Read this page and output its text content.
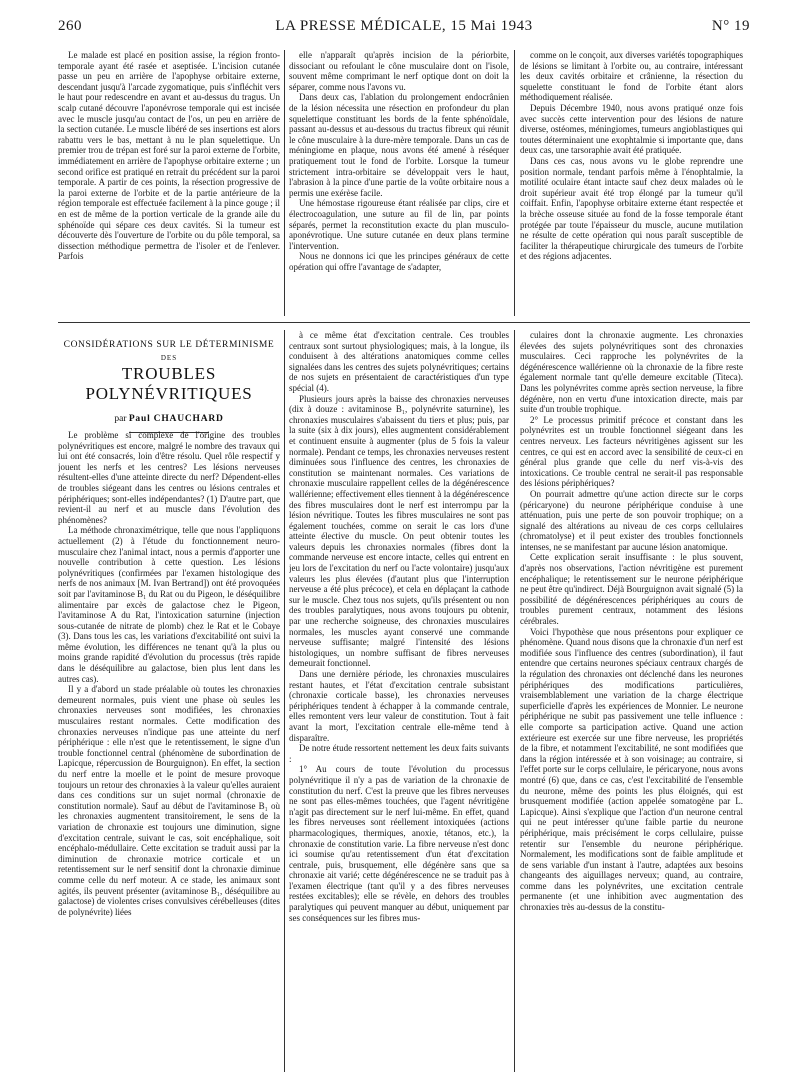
260	LA PRESSE MÉDICALE, 15 Mai 1943	N° 19

Le malade est placé en position assise, la région fronto-temporale ayant été rasée et aseptisée. L'incision cutanée passe un peu en arrière de l'apophyse orbitaire externe, descendant jusqu'à l'arcade zygomatique, puis s'infléchit vers le haut pour redescendre en avant et au-dessus du tragus. Un scalp cutané découvre l'aponévrose temporale qui est incisée avec le muscle jusqu'au contact de l'os, un peu en arrière de la section cutanée. Le muscle libéré de ses insertions est alors rabattu vers le bas, mettant à nu le plan squelettique. Un premier trou de trépan est foré sur la paroi externe de l'orbite, immédiatement en arrière de l'apophyse orbitaire externe ; un second orifice est pratiqué en retrait du précédent sur la paroi temporale. A partir de ces points, la résection progressive de la paroi externe de l'orbite et de la partie antérieure de la région temporale est effectuée facilement à la pince gouge ; il en est de même de la portion verticale de la grande aile du sphénoïde qui sépare ces deux cavités. Si la tumeur est découverte dès l'ouverture de l'orbite ou du pôle temporal, sa dissection méthodique permettra de l'isoler et de l'enlever. Parfois

elle n'apparaît qu'après incision de la périorbite, dissociant ou refoulant le cône musculaire dont on l'isole, souvent même comprimant le nerf optique dont on doit la séparer, comme nous l'avons vu.

Dans deux cas, l'ablation du prolongement endocrânien de la lésion nécessita une résection en profondeur du plan squelettique constituant les bords de la fente sphénoïdale, passant au-dessus et au-dessous du tractus fibreux qui réunit le cône musculaire à la dure-mère temporale. Dans un cas de méningiome en plaque, nous avons été amené à réséquer pratiquement tout le fond de l'orbite. Lorsque la tumeur strictement intra-orbitaire se développait vers le haut, l'abrasion à la pince d'une partie de la voûte orbitaire nous a permis une exérèse facile.

Une hémostase rigoureuse étant réalisée par clips, cire et électrocoagulation, une suture au fil de lin, par points séparés, permet la reconstitution exacte du plan musculo-aponévrotique. Une suture cutanée en deux plans termine l'intervention.

Nous ne donnons ici que les principes généraux de cette opération qui offre l'avantage de s'adapter,

comme on le conçoit, aux diverses variétés topographiques de lésions se limitant à l'orbite ou, au contraire, intéressant les deux cavités orbitaire et crânienne, la résection du squelette constituant le fond de l'orbite étant alors méthodiquement réalisée.

Depuis Décembre 1940, nous avons pratiqué onze fois avec succès cette intervention pour des lésions de nature diverse, ostéomes, méningiomes, tumeurs angioblastiques qui toutes déterminaient une exophtalmie si importante que, dans deux cas, une tarsoraphie avait été pratiquée.

Dans ces cas, nous avons vu le globe reprendre une position normale, tendant parfois même à l'énophtalmie, la motilité oculaire étant intacte sauf chez deux malades où le droit supérieur avait été trop élongé par la tumeur qu'il coiffait. Enfin, l'apophyse orbitaire externe étant respectée et la brèche osseuse située au fond de la fosse temporale étant protégée par toute l'épaisseur du muscle, aucune mutilation ne résulte de cette opération qui nous paraît susceptible de faciliter la thérapeutique chirurgicale des tumeurs de l'orbite et des régions adjacentes.

CONSIDÉRATIONS SUR LE DÉTERMINISME

DES

TROUBLES POLYNÉVRITIQUES

par Paul CHAUCHARD

Le problème si complexe de l'origine des troubles polynévritiques est encore, malgré le nombre des travaux qui lui ont été consacrés, loin d'être résolu. Quel rôle respectif y jouent les nerfs et les centres? Les lésions nerveuses résultent-elles d'une atteinte directe du nerf? Dépendent-elles de troubles siégeant dans les centres ou lésions centrales et périphériques; sont-elles indépendantes? (1) D'autre part, que revient-il au nerf et au muscle dans l'évolution des phénomènes?

La méthode chronaximétrique, telle que nous l'appliquons actuellement (2) à l'étude du fonctionnement neuro-musculaire chez l'animal intact, nous a permis d'apporter une nouvelle contribution à cette question. Les lésions polynévritiques (confirmées par l'examen histologique des nerfs de nos animaux [M. Ivan Bertrand]) ont été provoquées soit par l'avitaminose B₁ du Rat ou du Pigeon, le déséquilibre alimentaire par excès de galactose chez le Pigeon, l'avitaminose A du Rat, l'intoxication saturnine (injection sous-cutanée de nitrate de plomb) chez le Rat et le Cobaye (3). Dans tous les cas, les variations d'excitabilité ont suivi la même évolution, les différences ne tenant qu'à la plus ou moins grande rapidité d'évolution du processus (très rapide dans le déséquilibre au galactose, bien plus lent dans les autres cas).

Il y a d'abord un stade préalable où toutes les chronaxies demeurent normales, puis vient une phase où seules les chronaxies nerveuses sont modifiées, les chronaxies musculaires restant normales. Cette modification des chronaxies nerveuses n'indique pas une atteinte du nerf périphérique : elle n'est que le retentissement, le signe d'un trouble fonctionnel central (phénomène de subordination de Lapicque, répercussion de Bourguignon). En effet, la section du nerf entre la moelle et le point de mesure provoque toujours un retour des chronaxies à la valeur qu'elles auraient dans ces conditions sur un sujet normal (chronaxie de constitution normale). Sauf au début de l'avitaminose B₁ où les chronaxies augmentent transitoirement, le sens de la variation de chronaxie est toujours une diminution, signe d'excitation centrale, suivant le cas, soit encéphalique, soit encéphalo-médullaire. Cette excitation se traduit aussi par la diminution de chronaxie motrice corticale et un retentissement sur le nerf sensitif dont la chronaxie diminue comme celle du nerf moteur. A ce stade, les animaux sont agités, ils peuvent présenter (avitaminose B₁, déséquilibre au galactose) de violentes crises convulsives cérébelleuses (dites de polynévrite) liées

à ce même état d'excitation centrale. Ces troubles centraux sont surtout physiologiques; mais, à la longue, ils conduisent à des altérations anatomiques comme celles signalées dans les centres des sujets polynévritiques; certains de nos sujets en présentaient de caractéristiques d'un type spécial (4).

Plusieurs jours après la baisse des chronaxies nerveuses (dix à douze : avitaminose B₁, polynévrite saturnine), les chronaxies musculaires s'abaissent du tiers et plus; puis, par la suite (six à dix jours), elles augmentent considérablement et continuent ensuite à augmenter (plus de 5 fois la valeur normale). Pendant ce temps, les chronaxies nerveuses restent diminuées sous l'influence des centres, les chronaxies de constitution se maintenant normales. Ces variations de chronaxie musculaire rappellent celles de la dégénérescence wallérienne; effectivement elles tiennent à la dégénérescence des fibres musculaires dont le nerf est interrompu par la lésion névritique. Toutes les fibres musculaires ne sont pas également touchées, comme on serait le cas lors d'une atteinte élective du muscle. On peut obtenir toutes les valeurs depuis les chronaxies normales (fibres dont la commande nerveuse est encore intacte, celles qui entrent en jeu lors de l'excitation du nerf ou l'acte volontaire) jusqu'aux valeurs les plus élevées (d'autant plus que l'interruption nerveuse a été plus précoce), et cela en déplaçant la cathode sur le muscle. Chez tous nos sujets, qu'ils présentent ou non des troubles paralytiques, nous avons toujours pu obtenir, par une recherche soigneuse, des chronaxies musculaires normales, les muscles ayant conservé une commande nerveuse suffisante; malgré l'intensité des lésions histologiques, un nombre suffisant de fibres nerveuses demeurait fonctionnel.

Dans une dernière période, les chronaxies musculaires restant hautes, et l'état d'excitation centrale subsistant (chronaxie corticale basse), les chronaxies nerveuses périphériques tendent à échapper à la commande centrale, elles remontent vers leur valeur de constitution. Tout à fait avant la mort, l'excitation centrale elle-même tend à disparaître.

De notre étude ressortent nettement les deux faits suivants :

1° Au cours de toute l'évolution du processus polynévritique il n'y a pas de variation de la chronaxie de constitution du nerf. C'est la preuve que les fibres nerveuses ne sont pas elles-mêmes touchées, que l'agent névritigène n'agit pas directement sur le nerf lui-même. En effet, quand les fibres nerveuses sont réellement intoxiquées (actions pharmacologiques, thermiques, anoxie, tétanos, etc.), la chronaxie de constitution varie. La fibre nerveuse n'est donc ici soumise qu'au retentissement d'un état d'excitation centrale, puis, brusquement, elle dégénère sans que sa chronaxie ait varié; cette dégénérescence ne se traduit pas à l'examen électrique (tant qu'il y a des fibres nerveuses restées excitables); elle se révèle, en dehors des troubles paralytiques qui peuvent manquer au début, uniquement par ses conséquences sur les fibres mus-

culaires dont la chronaxie augmente. Les chronaxies élevées des sujets polynévritiques sont des chronaxies musculaires. Ceci rapproche les polynévrites de la dégénérescence wallérienne où la chronaxie de la fibre reste également normale tant qu'elle demeure excitable (Titeca). Dans les polynévrites comme après section nerveuse, la fibre dégénère, non en vertu d'une intoxication directe, mais par suite d'un trouble trophique.

2° Le processus primitif précoce et constant dans les polynévrites est un trouble fonctionnel siégeant dans les centres nerveux. Les facteurs névritigènes agissent sur les centres, ce qui est en accord avec la sensibilité de ceux-ci en général plus grande que celle du nerf vis-à-vis des intoxications. Ce trouble central ne serait-il pas responsable des lésions périphériques?

On pourrait admettre qu'une action directe sur le corps (péricaryone) du neurone périphérique conduise à une atténuation, puis une perte de son pouvoir trophique; on a signalé des altérations au niveau de ces corps cellulaires (chromatolyse) et il peut exister des troubles fonctionnels intenses, ne se manifestant par aucune lésion anatomique.

Cette explication serait insuffisante : le plus souvent, d'après nos observations, l'action névritigène est purement encéphalique; le retentissement sur le neurone périphérique ne peut être qu'indirect. Déjà Bourguignon avait signalé (5) la possibilité de dégénérescences périphériques au cours de troubles purement centraux, notamment des lésions cérébrales.

Voici l'hypothèse que nous présentons pour expliquer ce phénomène. Quand nous disons que la chronaxie d'un nerf est modifiée sous l'influence des centres (subordination), il faut entendre que certains neurones spéciaux centraux chargés de la régulation des chronaxies ont déclenché dans les neurones périphériques des modifications particulières, vraisemblablement une variation de la charge électrique superficielle d'après les expériences de Monnier. Le neurone périphérique ne subit pas passivement une telle influence : elle comporte sa participation active. Quand une action extérieure est exercée sur une fibre nerveuse, les propriétés de la fibre, et notamment l'excitabilité, ne sont modifiées que dans la région intéressée et à son voisinage; au contraire, si l'effet porte sur le corps cellulaire, le péricaryone, nous avons montré (6) que, dans ce cas, c'est l'excitabilité de l'ensemble du neurone, même des points les plus éloignés, qui est brusquement modifiée (action appelée somatogène par L. Lapicque). Ainsi s'explique que l'action d'un neurone central qui ne peut intéresser qu'une faible partie du neurone périphérique, mais précisément le corps cellulaire, puisse retentir sur l'ensemble du neurone périphérique. Normalement, les modifications sont de faible amplitude et de sens variable d'un instant à l'autre, adaptées aux besoins changeants des aiguillages nerveux; quand, au contraire, comme dans les polynévrites, une excitation centrale permanente (et une inhibition avec augmentation des chronaxies très au-dessus de la constitu-
